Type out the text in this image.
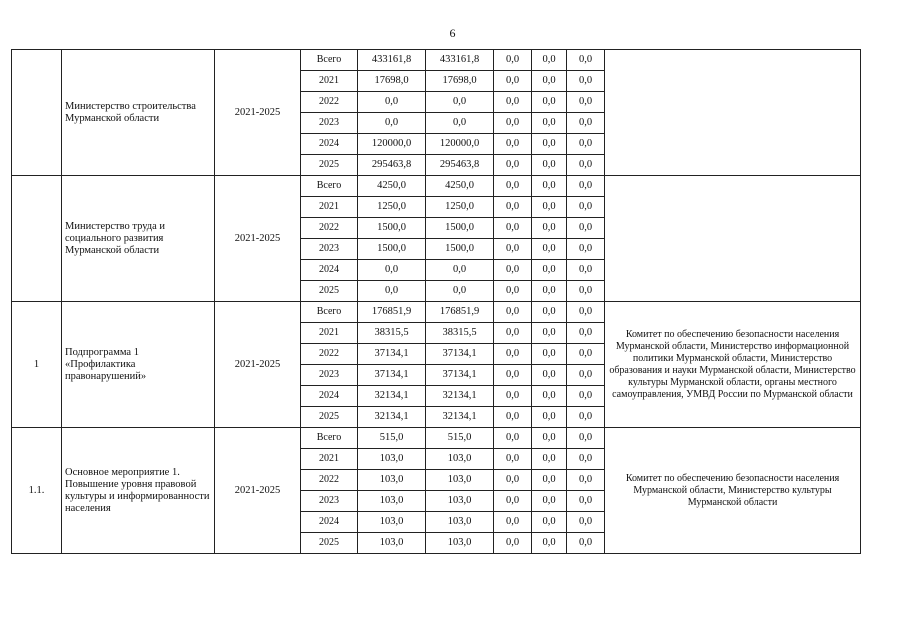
6
	Министерство строительства Мурманской области	2021-2025	Всего	433161,8	433161,8	0,0	0,0	0,0	
			2021	17698,0	17698,0	0,0	0,0	0,0	
			2022	0,0	0,0	0,0	0,0	0,0	
			2023	0,0	0,0	0,0	0,0	0,0	
			2024	120000,0	120000,0	0,0	0,0	0,0	
			2025	295463,8	295463,8	0,0	0,0	0,0	
	Министерство труда и социального развития Мурманской области	2021-2025	Всего	4250,0	4250,0	0,0	0,0	0,0	
			2021	1250,0	1250,0	0,0	0,0	0,0	
			2022	1500,0	1500,0	0,0	0,0	0,0	
			2023	1500,0	1500,0	0,0	0,0	0,0	
			2024	0,0	0,0	0,0	0,0	0,0	
			2025	0,0	0,0	0,0	0,0	0,0	
1	Подпрограмма 1 «Профилактика правонарушений»	2021-2025	Всего	176851,9	176851,9	0,0	0,0	0,0	Комитет по обеспечению безопасности населения Мурманской области, Министерство информационной политики Мурманской области, Министерство образования и науки Мурманской области, Министерство культуры Мурманской области, органы местного самоуправления, УМВД России по Мурманской области
			2021	38315,5	38315,5	0,0	0,0	0,0	
			2022	37134,1	37134,1	0,0	0,0	0,0	
			2023	37134,1	37134,1	0,0	0,0	0,0	
			2024	32134,1	32134,1	0,0	0,0	0,0	
			2025	32134,1	32134,1	0,0	0,0	0,0	
1.1.	Основное мероприятие 1. Повышение уровня правовой культуры и информированности населения	2021-2025	Всего	515,0	515,0	0,0	0,0	0,0	Комитет по обеспечению безопасности населения Мурманской области, Министерство культуры Мурманской области
			2021	103,0	103,0	0,0	0,0	0,0	
			2022	103,0	103,0	0,0	0,0	0,0	
			2023	103,0	103,0	0,0	0,0	0,0	
			2024	103,0	103,0	0,0	0,0	0,0	
			2025	103,0	103,0	0,0	0,0	0,0	
